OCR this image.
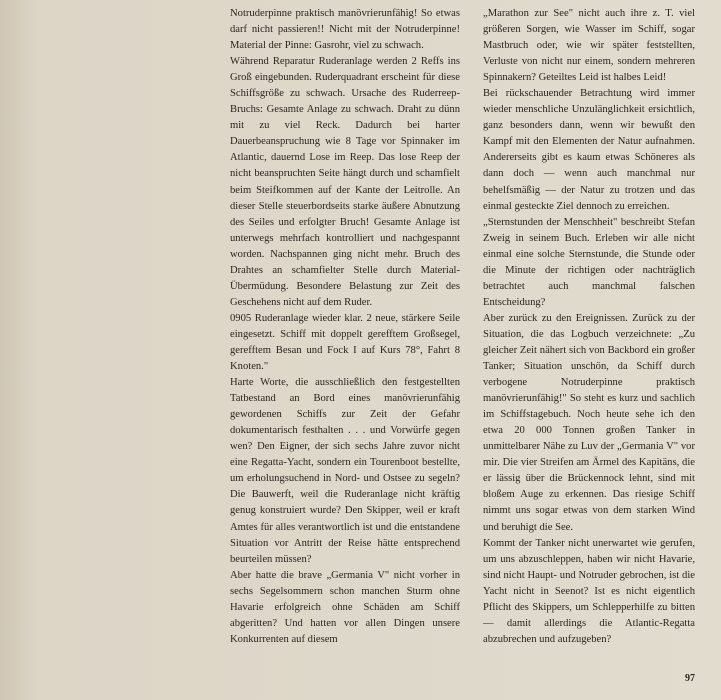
Notruderpinne praktisch manövrierunfähig! So etwas darf nicht passieren!! Nicht mit der Notruderpinne! Material der Pinne: Gasrohr, viel zu schwach.

Während Reparatur Ruderanlage werden 2 Reffs ins Groß eingebunden. Ruderquadrant erscheint für diese Schiffsgröße zu schwach. Ursache des Ruderreep-Bruchs: Gesamte Anlage zu schwach. Draht zu dünn mit zu viel Reck. Dadurch bei harter Dauerbeanspruchung wie 8 Tage vor Spinnaker im Atlantic, dauernd Lose im Reep. Das lose Reep der nicht beanspruchten Seite hängt durch und schamfielt beim Steifkommen auf der Kante der Leitrolle. An dieser Stelle steuerbordseits starke äußere Abnutzung des Seiles und erfolgter Bruch! Gesamte Anlage ist unterwegs mehrfach kontrolliert und nachgespannt worden. Nachspannen ging nicht mehr. Bruch des Drahtes an schamfielter Stelle durch Material-Übermüdung. Besondere Belastung zur Zeit des Geschehens nicht auf dem Ruder.

0905 Ruderanlage wieder klar. 2 neue, stärkere Seile eingesetzt. Schiff mit doppelt gerefftem Großsegel, gerefftem Besan und Fock I auf Kurs 78°, Fahrt 8 Knoten."

Harte Worte, die ausschließlich den festgestellten Tatbestand an Bord eines manövrierunfähig gewordenen Schiffs zur Zeit der Gefahr dokumentarisch festhalten . . . und Vorwürfe gegen wen? Den Eigner, der sich sechs Jahre zuvor nicht eine Regatta-Yacht, sondern ein Tourenboot bestellte, um erholungsuchend in Nord- und Ostsee zu segeln? Die Bauwerft, weil die Ruderanlage nicht kräftig genug konstruiert wurde? Den Skipper, weil er kraft Amtes für alles verantwortlich ist und die entstandene Situation vor Antritt der Reise hätte entsprechend beurteilen müssen?

Aber hatte die brave „Germania V" nicht vorher in sechs Segelsommern schon manchen Sturm ohne Havarie erfolgreich ohne Schäden am Schiff abgeritten? Und hatten vor allen Dingen unsere Konkurrenten auf diesem

„Marathon zur See" nicht auch ihre z. T. viel größeren Sorgen, wie Wasser im Schiff, sogar Mastbruch oder, wie wir später feststellten, Verluste von nicht nur einem, sondern mehreren Spinnakern? Geteiltes Leid ist halbes Leid!

Bei rückschauender Betrachtung wird immer wieder menschliche Unzulänglichkeit ersichtlich, ganz besonders dann, wenn wir bewußt den Kampf mit den Elementen der Natur aufnahmen. Andererseits gibt es kaum etwas Schöneres als dann doch — wenn auch manchmal nur behelfsmäßig — der Natur zu trotzen und das einmal gesteckte Ziel dennoch zu erreichen.

„Sternstunden der Menschheit" beschreibt Stefan Zweig in seinem Buch. Erleben wir alle nicht einmal eine solche Sternstunde, die Stunde oder die Minute der richtigen oder nachträglich betrachtet auch manchmal falschen Entscheidung?

Aber zurück zu den Ereignissen. Zurück zu der Situation, die das Logbuch verzeichnete: „Zu gleicher Zeit nähert sich von Backbord ein großer Tanker; Situation unschön, da Schiff durch verbogene Notruderpinne praktisch manövrierunfähig!" So steht es kurz und sachlich im Schiffstagebuch. Noch heute sehe ich den etwa 20 000 Tonnen großen Tanker in unmittelbarer Nähe zu Luv der „Germania V" vor mir. Die vier Streifen am Ärmel des Kapitäns, die er lässig über die Brückennock lehnt, sind mit bloßem Auge zu erkennen. Das riesige Schiff nimmt uns sogar etwas von dem starken Wind und beruhigt die See.

Kommt der Tanker nicht unerwartet wie gerufen, um uns abzuschleppen, haben wir nicht Havarie, sind nicht Haupt- und Notruder gebrochen, ist die Yacht nicht in Seenot? Ist es nicht eigentlich Pflicht des Skippers, um Schlepperhilfe zu bitten — damit allerdings die Atlantic-Regatta abzubrechen und aufzugeben?

97
